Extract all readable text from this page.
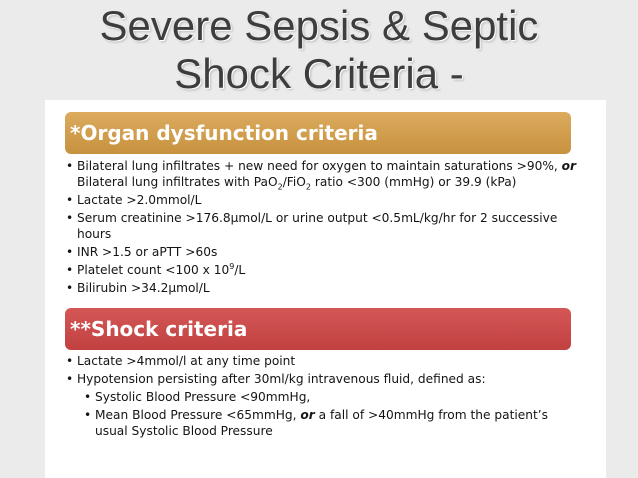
Severe Sepsis & Septic
Shock Criteria -
*Organ dysfunction criteria
• Bilateral lung infiltrates + new need for oxygen to maintain saturations >90%, or
Bilateral lung infiltrates with PaO$_2$/FiO$_2$ ratio <300 (mmHg) or 39.9 (kPa)
• Lactate >2.0mmol/L
• Serum creatinine >176.8µmol/L or urine output <0.5mL/kg/hr for 2 successive hours
• INR >1.5 or aPTT >60s
• Platelet count <100 x $10^9/L$
• Bilirubin >34.2µmol/L
**Shock criteria
• Lactate >4mmol/l at any time point
• Hypotension persisting after 30ml/kg intravenous fluid, defined as:
• Systolic Blood Pressure <90mmHg,
• Mean Blood Pressure <65mmHg, or a fall of >40mmHg from the patient’s usual Systolic Blood Pressure
